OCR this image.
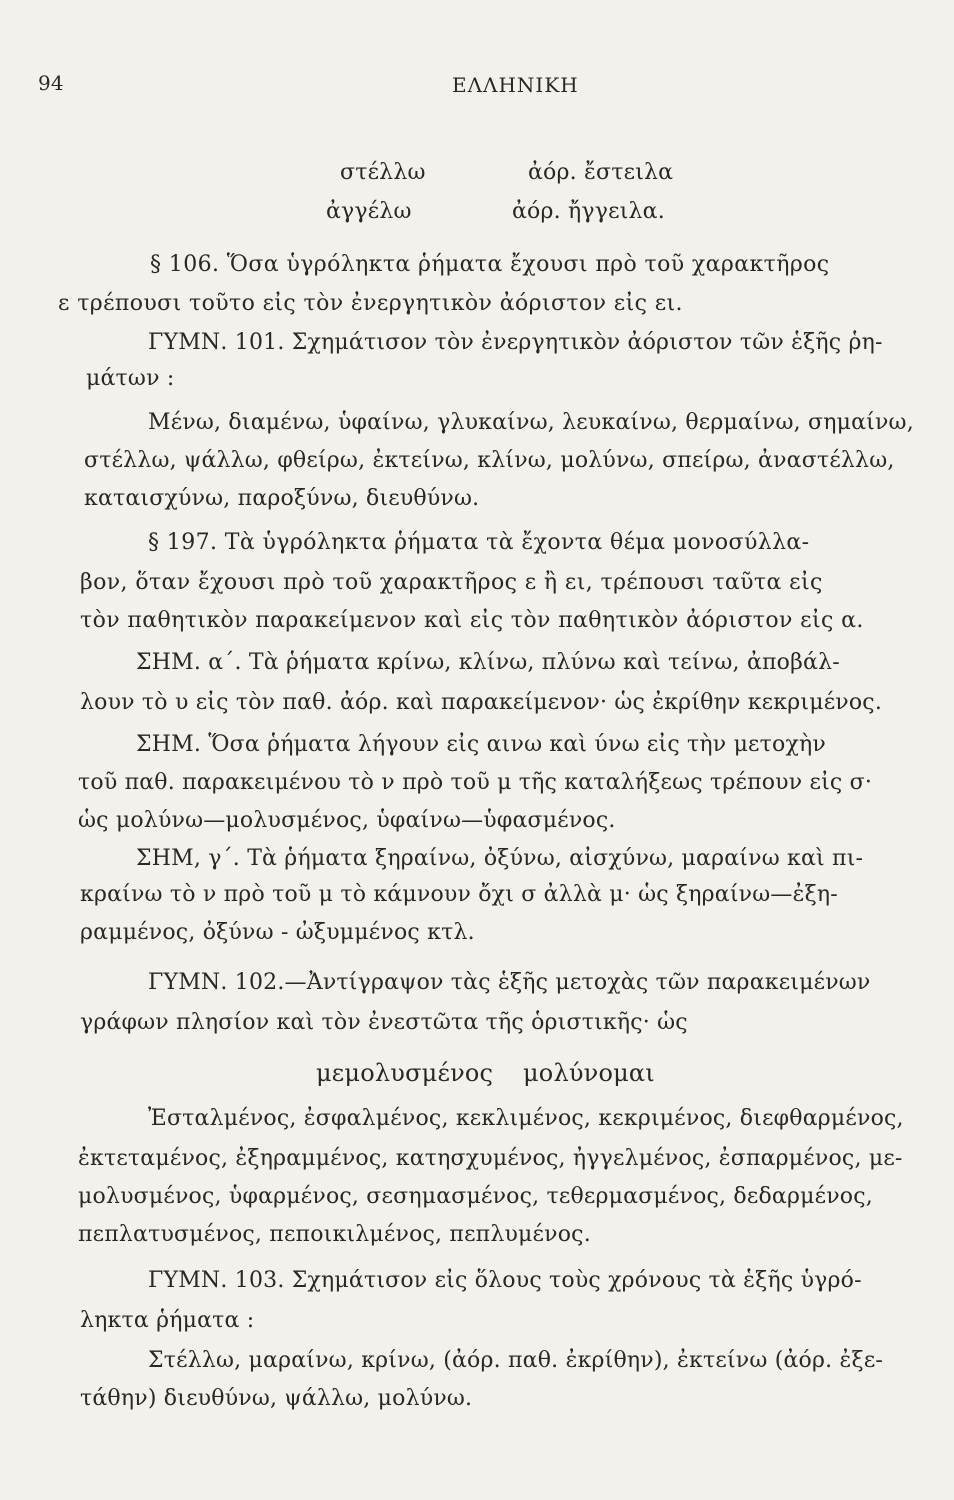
94	ΕΛΛΗΝΙΚΗ
στέλλω	ἀόρ. ἔστειλα
ἀγγέλω	ἀόρ. ἤγγειλα.
§ 106. Ὅσα ὑγρόληκτα ῥήματα ἔχουσι πρὸ τοῦ χαρακτῆρος
ε τρέπουσι τοῦτο εἰς τὸν ἐνεργητικὸν ἀόριστον εἰς ει.
ΓΥΜΝ. 101. Σχημάτισον τὸν ἐνεργητικὸν ἀόριστον τῶν ἑξῆς ῥη-
μάτων :
Μένω, διαμένω, ὑφαίνω, γλυκαίνω, λευκαίνω, θερμαίνω, σημαίνω,
στέλλω, ψάλλω, φθείρω, ἐκτείνω, κλίνω, μολύνω, σπείρω, ἀναστέλλω,
καταισχύνω, παροξύνω, διευθύνω.
§ 197. Τὰ ὑγρόληκτα ῥήματα τὰ ἔχοντα θέμα μονοσύλλα-
βον, ὅταν ἔχουσι πρὸ τοῦ χαρακτῆρος ε ἢ ει, τρέπουσι ταῦτα εἰς
τὸν παθητικὸν παρακείμενον καὶ εἰς τὸν παθητικὸν ἀόριστον εἰς α.
ΣΗΜ. α΄. Τὰ ῥήματα κρίνω, κλίνω, πλύνω καὶ τείνω, ἀποβάλ-
λουν τὸ υ εἰς τὸν παθ. ἀόρ. καὶ παρακείμενον· ὡς ἐκρίθην κεκριμένος.
ΣΗΜ. Ὅσα ῥήματα λήγουν εἰς αινω καὶ ύνω εἰς τὴν μετοχὴν
τοῦ παθ. παρακειμένου τὸ ν πρὸ τοῦ μ τῆς καταλήξεως τρέπουν εἰς σ·
ὡς μολύνω—μολυσμένος, ὑφαίνω—ὑφασμένος.
ΣΗΜ, γ΄. Τὰ ῥήματα ξηραίνω, ὀξύνω, αἰσχύνω, μαραίνω καὶ πι-
κραίνω τὸ ν πρὸ τοῦ μ τὸ κάμνουν ὄχι σ ἀλλὰ μ· ὡς ξηραίνω—ἐξη-
ραμμένος, ὀξύνω - ὠξυμμένος κτλ.
ΓΥΜΝ. 102.—Ἀντίγραψον τὰς ἑξῆς μετοχὰς τῶν παρακειμένων
γράφων πλησίον καὶ τὸν ἐνεστῶτα τῆς ὁριστικῆς· ὡς
μεμολυσμένος μολύνομαι
Ἐσταλμένος, ἐσφαλμένος, κεκλιμένος, κεκριμένος, διεφθαρμένος,
ἐκτεταμένος, ἐξηραμμένος, κατησχυμένος, ἠγγελμένος, ἐσπαρμένος, με-
μολυσμένος, ὑφαρμένος, σεσημασμένος, τεθερμασμένος, δεδαρμένος,
πεπλατυσμένος, πεποικιλμένος, πεπλυμένος.
ΓΥΜΝ. 103. Σχημάτισον εἰς ὅλους τοὺς χρόνους τὰ ἑξῆς ὑγρό-
ληκτα ῥήματα :
Στέλλω, μαραίνω, κρίνω, (ἀόρ. παθ. ἐκρίθην), ἐκτείνω (ἀόρ. ἐξε-
τάθην) διευθύνω, ψάλλω, μολύνω.
